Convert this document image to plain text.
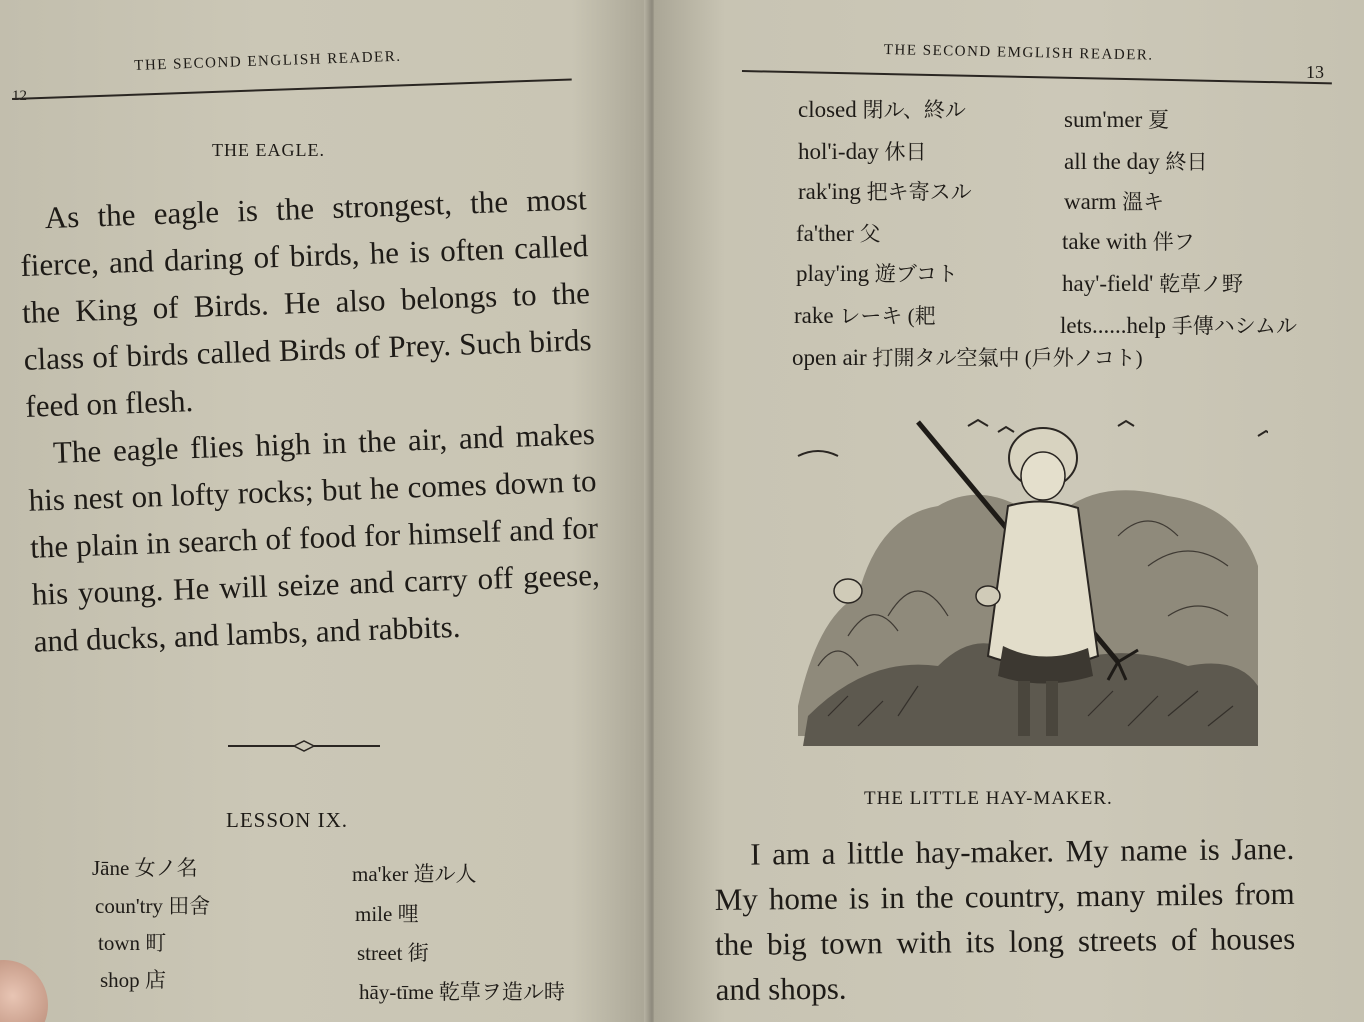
12
THE SECOND ENGLISH READER.
THE EAGLE.

As the eagle is the strongest, the most fierce, and daring of birds, he is often called the King of Birds. He also belongs to the class of birds called Birds of Prey. Such birds feed on flesh.

The eagle flies high in the air, and makes his nest on lofty rocks; but he comes down to the plain in search of food for himself and for his young. He will seize and carry off geese, and ducks, and lambs, and rabbits.

LESSON IX.
Jāne 女ノ名	ma'ker 造ル人
coun'try 田舍	mile 哩
town 町	street 街
shop 店	hāy-tīme 乾草ヲ造ル時
THE SECOND EMGLISH READER.
13
closed 閉ル、終ル	sum'mer 夏
hol'i-day 休日	all the day 終日
rak'ing 把キ寄スル	warm 溫キ
fa'ther 父	take with 伴フ
play'ing 遊ブコト	hay'-field' 乾草ノ野
rake レーキ (耙	lets......help 手傳ハシムル
open air 打開タル空氣中 (戶外ノコト)
THE LITTLE HAY-MAKER.

I am a little hay-maker. My name is Jane. My home is in the country, many miles from the big town with its long streets of houses and shops.
